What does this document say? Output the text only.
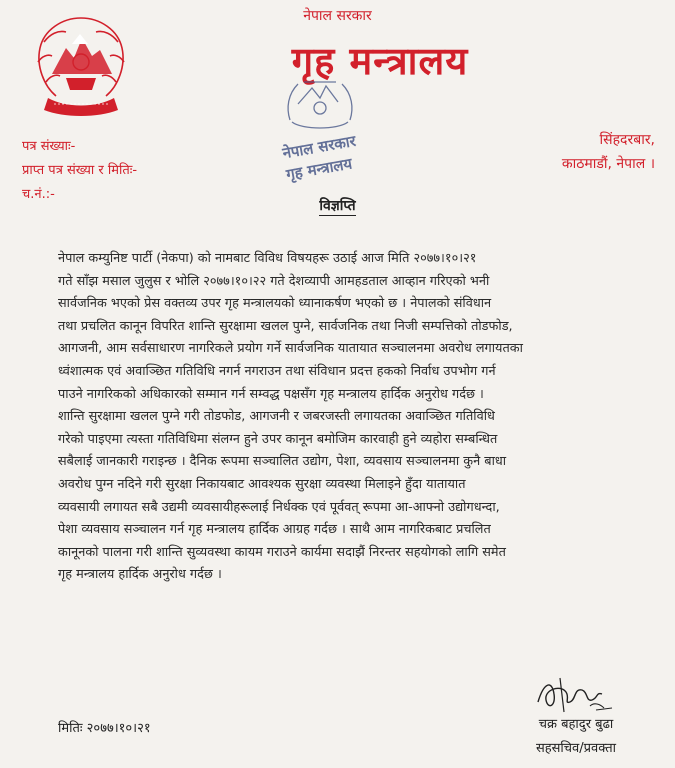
नेपाल सरकार
गृह मन्त्रालय
नेपाल सरकार
गृह मन्त्रालय
पत्र संख्याः-
प्राप्त पत्र संख्या र मितिः-
च.नं.:-
सिंहदरबार,
काठमाडौं, नेपाल ।
विज्ञप्ति
नेपाल कम्युनिष्ट पार्टी (नेकपा) को नामबाट विविध विषयहरू उठाई आज मिति २०७७।१०।२१
गते साँझ मसाल जुलुस र भोलि २०७७।१०।२२ गते देशव्यापी आमहडताल आव्हान गरिएको भनी
सार्वजनिक भएको प्रेस वक्तव्य उपर गृह मन्त्रालयको ध्यानाकर्षण भएको छ । नेपालको संविधान
तथा प्रचलित कानून विपरित शान्ति सुरक्षामा खलल पुग्ने, सार्वजनिक तथा निजी सम्पत्तिको तोडफोड,
आगजनी, आम सर्वसाधारण नागरिकले प्रयोग गर्ने सार्वजनिक यातायात सञ्चालनमा अवरोध लगायतका
ध्वंशात्मक एवं अवाञ्छित गतिविधि नगर्न नगराउन तथा संविधान प्रदत्त हकको निर्वाध उपभोग गर्न
पाउने नागरिकको अधिकारको सम्मान गर्न सम्वद्ध पक्षसँग गृह मन्त्रालय हार्दिक अनुरोध गर्दछ ।
शान्ति सुरक्षामा खलल पुग्ने गरी तोडफोड, आगजनी र जबरजस्ती लगायतका अवाञ्छित गतिविधि
गरेको पाइएमा त्यस्ता गतिविधिमा संलग्न हुने उपर कानून बमोजिम कारवाही हुने व्यहोरा सम्बन्धित
सबैलाई जानकारी गराइन्छ । दैनिक रूपमा सञ्चालित उद्योग, पेशा, व्यवसाय सञ्चालनमा कुनै बाधा
अवरोध पुग्न नदिने गरी सुरक्षा निकायबाट आवश्यक सुरक्षा व्यवस्था मिलाइने हुँदा यातायात
व्यवसायी लगायत सबै उद्यमी व्यवसायीहरूलाई निर्धक्क एवं पूर्ववत् रूपमा आ-आफ्नो उद्योगधन्दा,
पेशा व्यवसाय सञ्चालन गर्न गृह मन्त्रालय हार्दिक आग्रह गर्दछ । साथै आम नागरिकबाट प्रचलित
कानूनको पालना गरी शान्ति सुव्यवस्था कायम गराउने कार्यमा सदाझैं निरन्तर सहयोगको लागि समेत
गृह मन्त्रालय हार्दिक अनुरोध गर्दछ ।
मितिः २०७७।१०।२१	चक्र बहादुर बुढा
सहसचिव/प्रवक्ता
